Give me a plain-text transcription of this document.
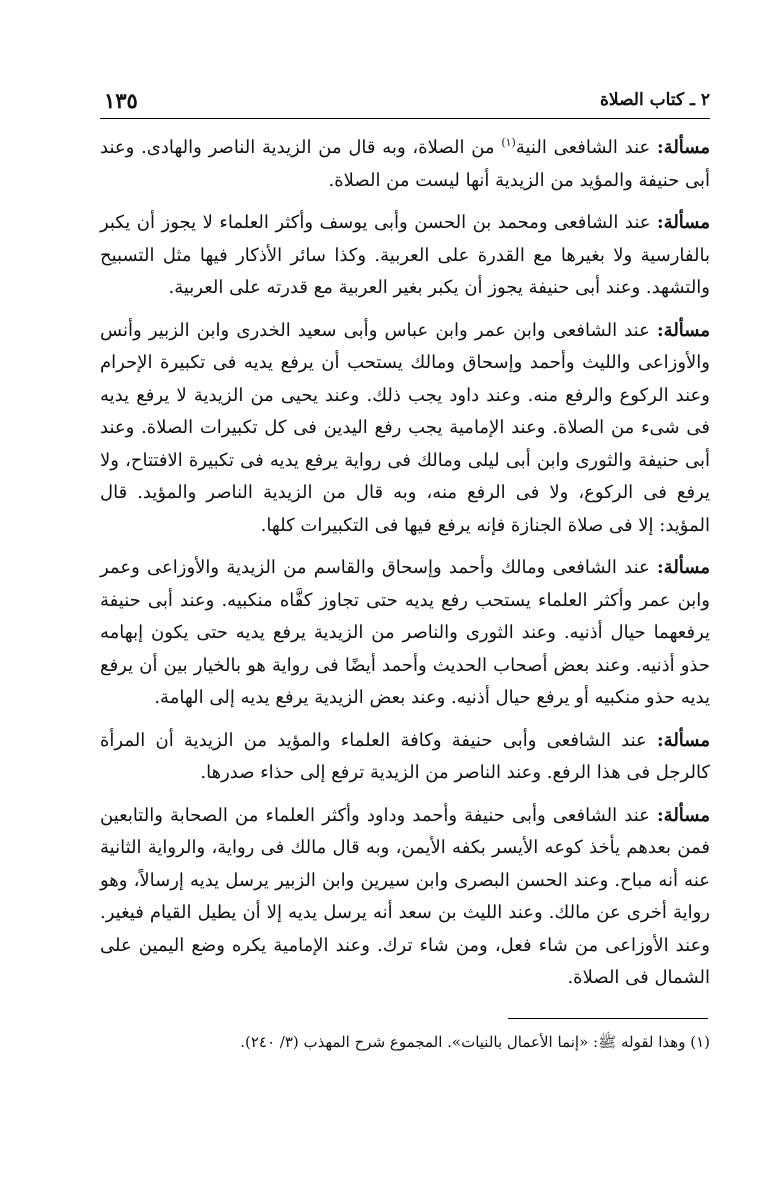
٢ ـ كتاب الصلاة
١٣٥

مسألة: عند الشافعى النية$^{(١)}$ من الصلاة، وبه قال من الزيدية الناصر والهادى. وعند أبى حنيفة والمؤيد من الزيدية أنها ليست من الصلاة.

مسألة: عند الشافعى ومحمد بن الحسن وأبى يوسف وأكثر العلماء لا يجوز أن يكبر بالفارسية ولا بغيرها مع القدرة على العربية. وكذا سائر الأذكار فيها مثل التسبيح والتشهد. وعند أبى حنيفة يجوز أن يكبر بغير العربية مع قدرته على العربية.

مسألة: عند الشافعى وابن عمر وابن عباس وأبى سعيد الخدرى وابن الزبير وأنس والأوزاعى والليث وأحمد وإسحاق ومالك يستحب أن يرفع يديه فى تكبيرة الإحرام وعند الركوع والرفع منه. وعند داود يجب ذلك. وعند يحيى من الزيدية لا يرفع يديه فى شىء من الصلاة. وعند الإمامية يجب رفع اليدين فى كل تكبيرات الصلاة. وعند أبى حنيفة والثورى وابن أبى ليلى ومالك فى رواية يرفع يديه فى تكبيرة الافتتاح، ولا يرفع فى الركوع، ولا فى الرفع منه، وبه قال من الزيدية الناصر والمؤيد. قال المؤيد: إلا فى صلاة الجنازة فإنه يرفع فيها فى التكبيرات كلها.

مسألة: عند الشافعى ومالك وأحمد وإسحاق والقاسم من الزيدية والأوزاعى وعمر وابن عمر وأكثر العلماء يستحب رفع يديه حتى تجاوز كفَّاه منكبيه. وعند أبى حنيفة يرفعهما حيال أذنيه. وعند الثورى والناصر من الزيدية يرفع يديه حتى يكون إبهامه حذو أذنيه. وعند بعض أصحاب الحديث وأحمد أيضًا فى رواية هو بالخيار بين أن يرفع يديه حذو منكبيه أو يرفع حيال أذنيه. وعند بعض الزيدية يرفع يديه إلى الهامة.

مسألة: عند الشافعى وأبى حنيفة وكافة العلماء والمؤيد من الزيدية أن المرأة كالرجل فى هذا الرفع. وعند الناصر من الزيدية ترفع إلى حذاء صدرها.

مسألة: عند الشافعى وأبى حنيفة وأحمد وداود وأكثر العلماء من الصحابة والتابعين فمن بعدهم يأخذ كوعه الأيسر بكفه الأيمن، وبه قال مالك فى رواية، والرواية الثانية عنه أنه مباح. وعند الحسن البصرى وابن سيرين وابن الزبير يرسل يديه إرسالاً، وهو رواية أخرى عن مالك. وعند الليث بن سعد أنه يرسل يديه إلا أن يطيل القيام فيغير. وعند الأوزاعى من شاء فعل، ومن شاء ترك. وعند الإمامية يكره وضع اليمين على الشمال فى الصلاة.

(١) وهذا لقوله ﷺ: «إنما الأعمال بالنيات». المجموع شرح المهذب (٣/ ٢٤٠).
